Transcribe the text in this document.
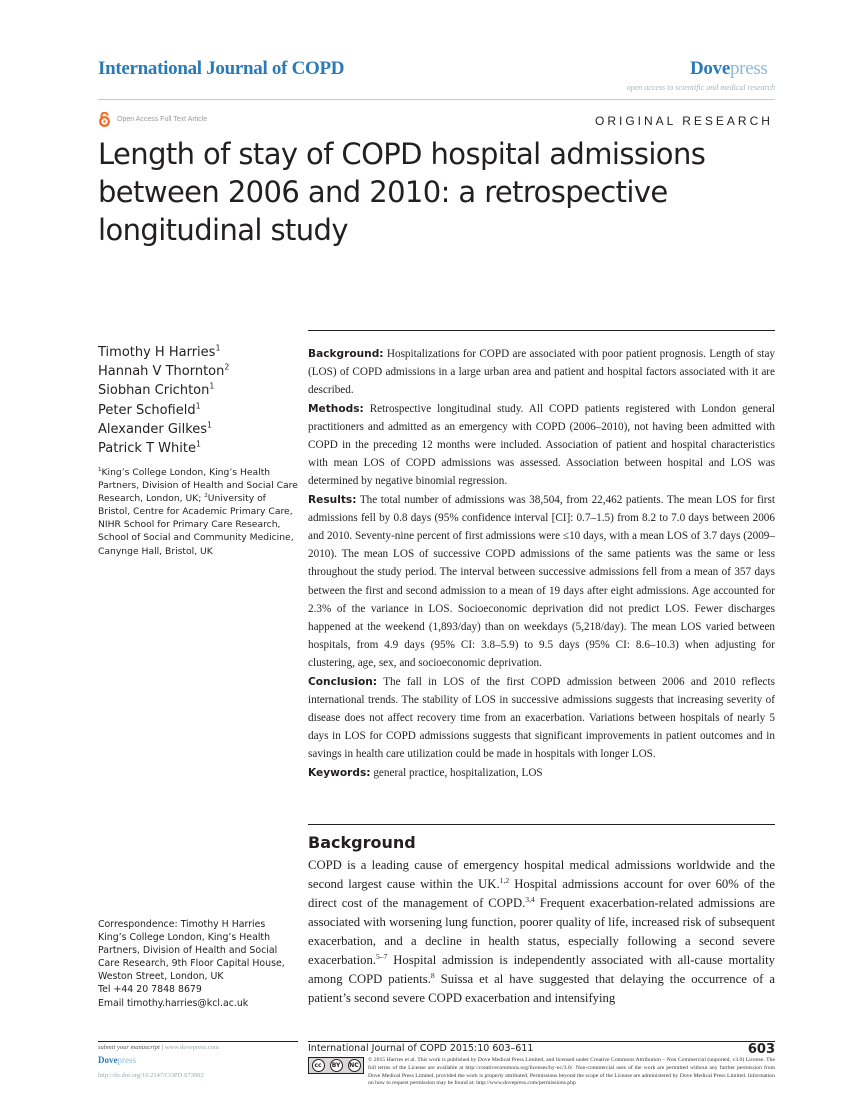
International Journal of COPD	Dovepress
open access to scientific and medical research
Open Access Full Text Article	ORIGINAL RESEARCH
Length of stay of COPD hospital admissions between 2006 and 2010: a retrospective longitudinal study
Timothy H Harries$^1$
Hannah V Thornton$^2$
Siobhan Crichton$^1$
Peter Schofield$^1$
Alexander Gilkes$^1$
Patrick T White$^1$
$^1$King’s College London, King’s Health Partners, Division of Health and Social Care Research, London, UK; $^2$University of Bristol, Centre for Academic Primary Care, NIHR School for Primary Care Research, School of Social and Community Medicine, Canynge Hall, Bristol, UK

Background: Hospitalizations for COPD are associated with poor patient prognosis. Length of stay (LOS) of COPD admissions in a large urban area and patient and hospital factors associated with it are described.

Methods: Retrospective longitudinal study. All COPD patients registered with London general practitioners and admitted as an emergency with COPD (2006–2010), not having been admitted with COPD in the preceding 12 months were included. Association of patient and hospital characteristics with mean LOS of COPD admissions was assessed. Association between hospital and LOS was determined by negative binomial regression.

Results: The total number of admissions was 38,504, from 22,462 patients. The mean LOS for first admissions fell by 0.8 days (95% confidence interval [CI]: 0.7–1.5) from 8.2 to 7.0 days between 2006 and 2010. Seventy-nine percent of first admissions were ≤10 days, with a mean LOS of 3.7 days (2009–2010). The mean LOS of successive COPD admissions of the same patients was the same or less throughout the study period. The interval between successive admissions fell from a mean of 357 days between the first and second admission to a mean of 19 days after eight admissions. Age accounted for 2.3% of the variance in LOS. Socioeconomic deprivation did not predict LOS. Fewer discharges happened at the weekend (1,893/day) than on weekdays (5,218/day). The mean LOS varied between hospitals, from 4.9 days (95% CI: 3.8–5.9) to 9.5 days (95% CI: 8.6–10.3) when adjusting for clustering, age, sex, and socioeconomic deprivation.

Conclusion: The fall in LOS of the first COPD admission between 2006 and 2010 reflects international trends. The stability of LOS in successive admissions suggests that increasing severity of disease does not affect recovery time from an exacerbation. Variations between hospitals of nearly 5 days in LOS for COPD admissions suggests that significant improvements in patient outcomes and in savings in health care utilization could be made in hospitals with longer LOS.

Keywords: general practice, hospitalization, LOS

Background

COPD is a leading cause of emergency hospital medical admissions worldwide and the second largest cause within the UK.$^{1,2}$ Hospital admissions account for over 60% of the direct cost of the management of COPD.$^{3,4}$ Frequent exacerbation-related admissions are associated with worsening lung function, poorer quality of life, increased risk of subsequent exacerbation, and a decline in health status, especially following a second severe exacerbation.$^{5-7}$ Hospital admission is independently associated with all-cause mortality among COPD patients.$^8$ Suissa et al have suggested that delaying the occurrence of a patient’s second severe COPD exacerbation and intensifying

Correspondence: Timothy H Harries
King’s College London, King’s Health Partners, Division of Health and Social Care Research, 9th Floor Capital House, Weston Street, London, UK
Tel +44 20 7848 8679
Email timothy.harries@kcl.ac.uk
submit your manuscript | www.dovepress.com
Dovepress
http://dx.doi.org/10.2147/COPD.S73992
International Journal of COPD 2015:10 603–611	603
cc	BY	NC
© 2015 Harries et al. This work is published by Dove Medical Press Limited, and licensed under Creative Commons Attribution – Non Commercial (unported, v3.0) License. The full terms of the License are available at http://creativecommons.org/licenses/by-nc/3.0/. Non-commercial uses of the work are permitted without any further permission from Dove Medical Press Limited, provided the work is properly attributed. Permissions beyond the scope of the License are administered by Dove Medical Press Limited. Information on how to request permission may be found at: http://www.dovepress.com/permissions.php
